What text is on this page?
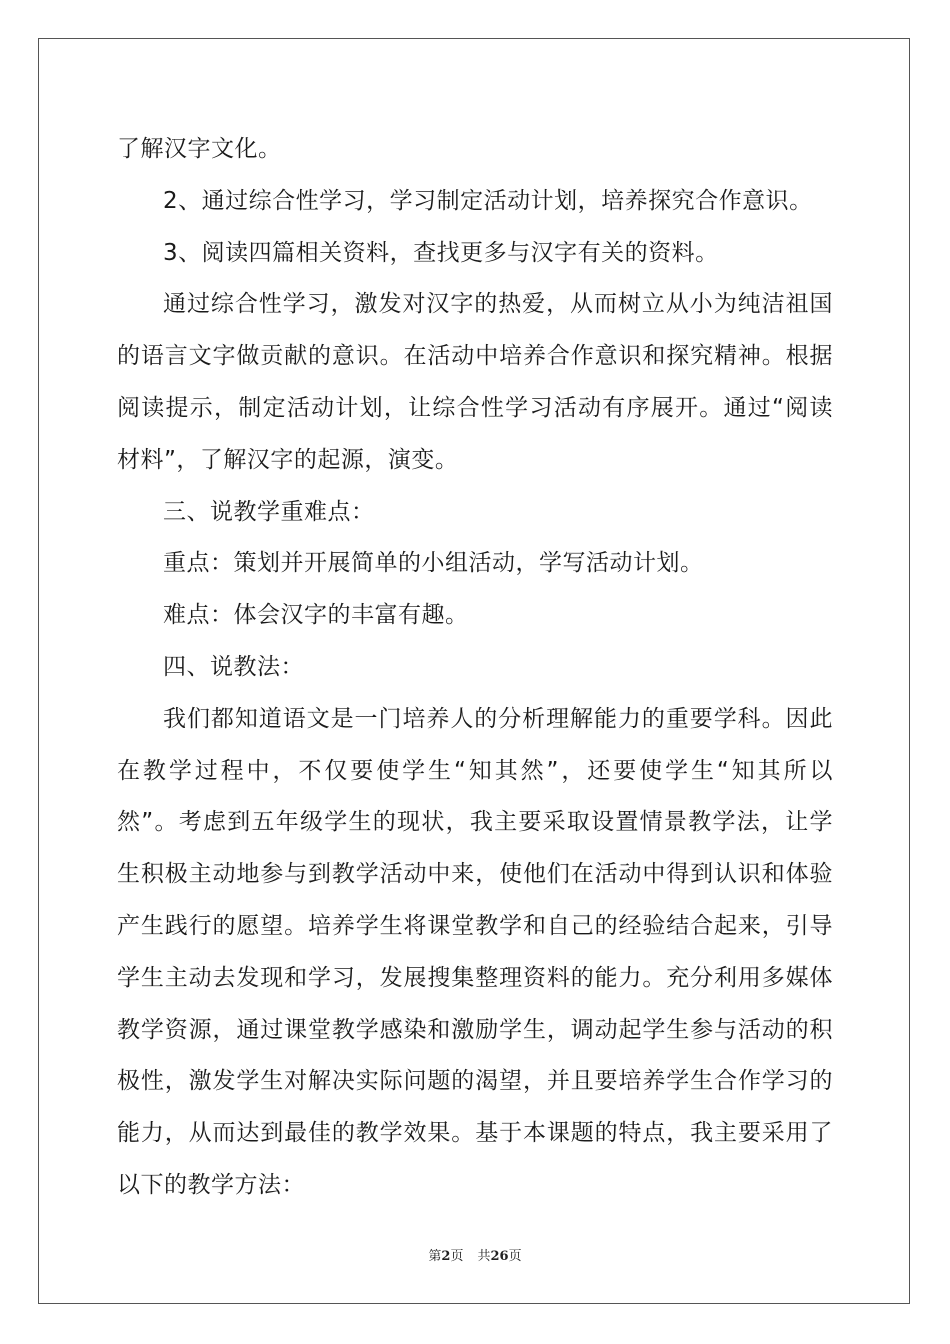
了解汉字文化。
2、通过综合性学习，学习制定活动计划，培养探究合作意识。
3、阅读四篇相关资料，查找更多与汉字有关的资料。
通过综合性学习，激发对汉字的热爱，从而树立从小为纯洁祖国
的语言文字做贡献的意识。在活动中培养合作意识和探究精神。根据
阅读提示，制定活动计划，让综合性学习活动有序展开。通过“阅读
材料”，了解汉字的起源，演变。
三、说教学重难点：
重点：策划并开展简单的小组活动，学写活动计划。
难点：体会汉字的丰富有趣。
四、说教法：
我们都知道语文是一门培养人的分析理解能力的重要学科。因此
在教学过程中，不仅要使学生“知其然”，还要使学生“知其所以
然”。考虑到五年级学生的现状，我主要采取设置情景教学法，让学
生积极主动地参与到教学活动中来，使他们在活动中得到认识和体验
产生践行的愿望。培养学生将课堂教学和自己的经验结合起来，引导
学生主动去发现和学习，发展搜集整理资料的能力。充分利用多媒体
教学资源，通过课堂教学感染和激励学生，调动起学生参与活动的积
极性，激发学生对解决实际问题的渴望，并且要培养学生合作学习的
能力，从而达到最佳的教学效果。基于本课题的特点，我主要采用了
以下的教学方法：
第2页 共26页
